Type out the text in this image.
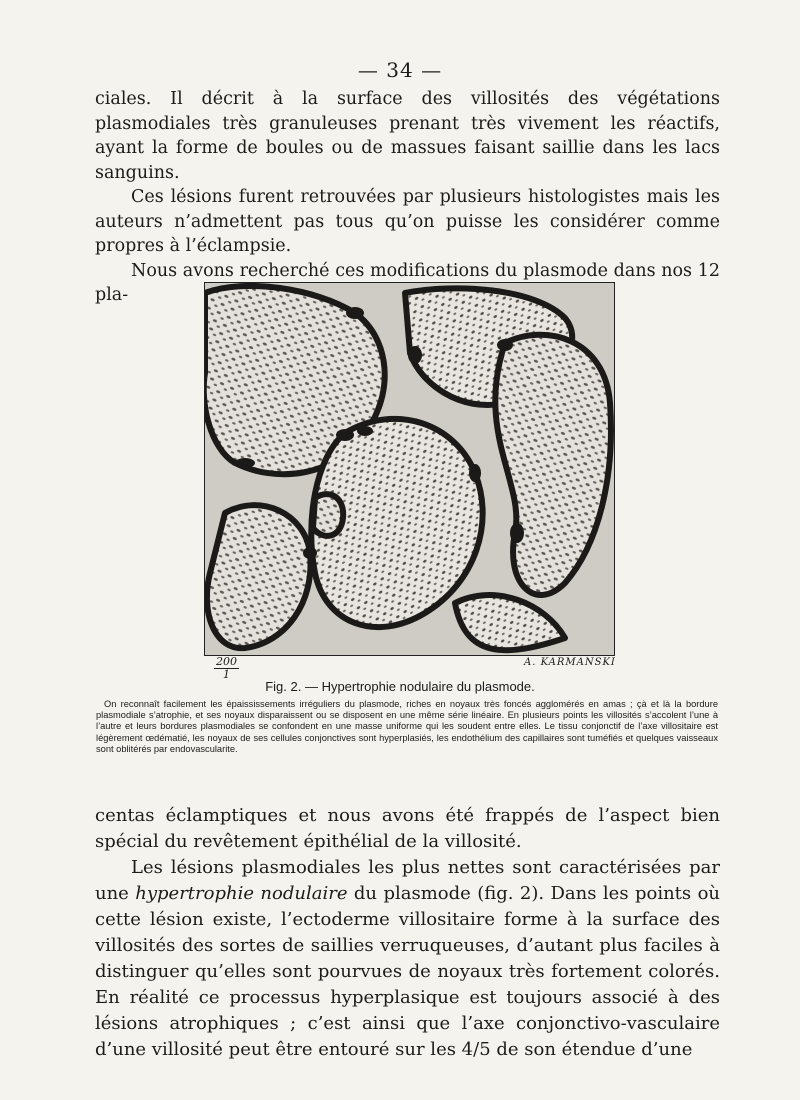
— 34 —

ciales. Il décrit à la surface des villosités des végétations plasmodiales très granuleuses prenant très vivement les réactifs, ayant la forme de boules ou de massues faisant saillie dans les lacs sanguins.

Ces lésions furent retrouvées par plusieurs histologistes mais les auteurs n’admettent pas tous qu’on puisse les considérer comme propres à l’éclampsie.

Nous avons recherché ces modifications du plasmode dans nos 12 pla-

$\frac{200}{1}$	A. KARMANSKI
Fig. 2. — Hypertrophie nodulaire du plasmode.

On reconnaît facilement les épaississements irréguliers du plasmode, riches en noyaux très foncés agglomérés en amas ; çà et là la bordure plasmodiale s’atrophie, et ses noyaux disparaissent ou se disposent en une même série linéaire. En plusieurs points les villosités s’accolent l’une à l’autre et leurs bordures plasmodiales se confondent en une masse uniforme qui les soudent entre elles. Le tissu conjonctif de l’axe villositaire est légèrement œdématié, les noyaux de ses cellules conjonctives sont hyperplasiés, les endothélium des capillaires sont tuméfiés et quelques vaisseaux sont oblitérés par endovascularite.

centas éclamptiques et nous avons été frappés de l’aspect bien spécial du revêtement épithélial de la villosité.

Les lésions plasmodiales les plus nettes sont caractérisées par une hypertrophie nodulaire du plasmode (fig. 2). Dans les points où cette lésion existe, l’ectoderme villositaire forme à la surface des villosités des sortes de saillies verruqueuses, d’autant plus faciles à distinguer qu’elles sont pourvues de noyaux très fortement colorés. En réalité ce processus hyperplasique est toujours associé à des lésions atrophiques ; c’est ainsi que l’axe conjonctivo-vasculaire d’une villosité peut être entouré sur les 4/5 de son étendue d’une
